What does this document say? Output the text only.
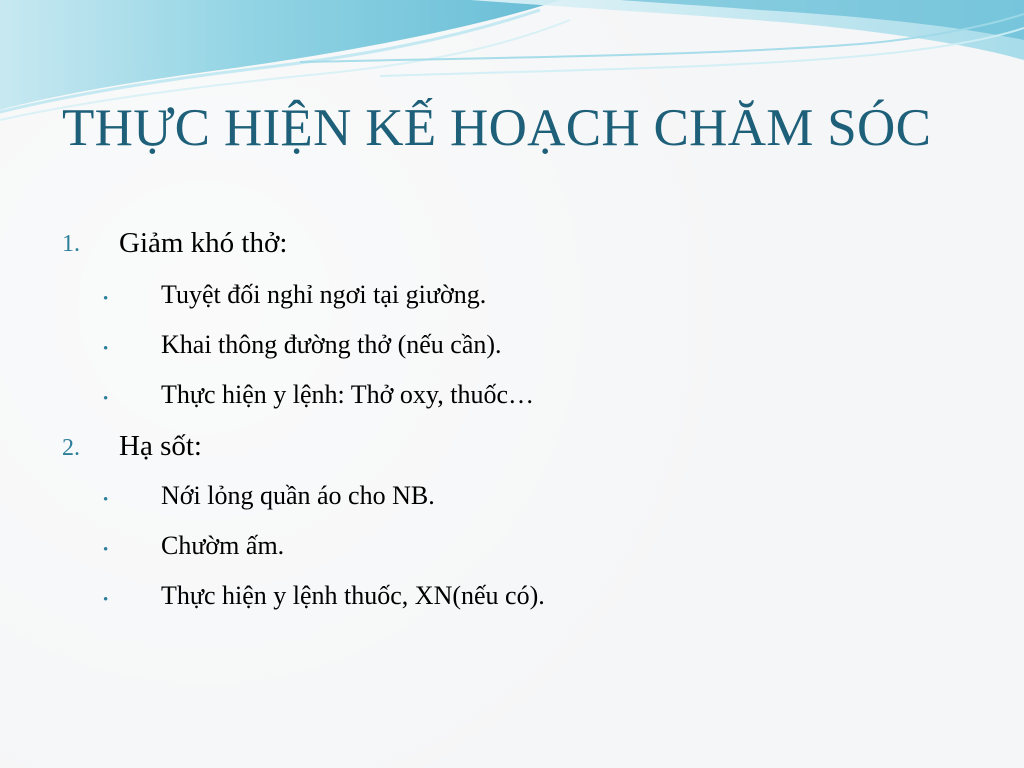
THỰC HIỆN KẾ HOẠCH CHĂM SÓC
1. Giảm khó thở:
• Tuyệt đối nghỉ ngơi tại giường.
• Khai thông đường thở (nếu cần).
• Thực hiện y lệnh: Thở oxy, thuốc…
2. Hạ sốt:
• Nới lỏng quần áo cho NB.
• Chườm ấm.
• Thực hiện y lệnh thuốc, XN(nếu có).
